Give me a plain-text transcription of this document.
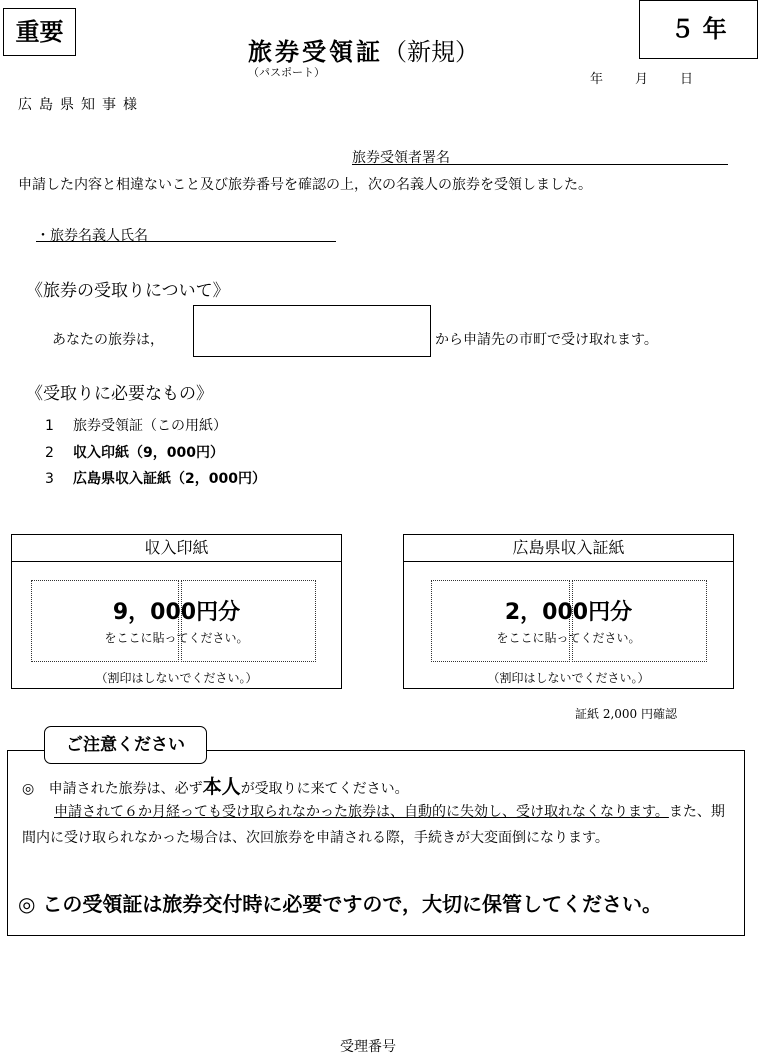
重要	５ 年
旅券受領証（新規）
（パスポート）	年 月 日
広島県知事様
旅券受領者署名
申請した内容と相違ないこと及び旅券番号を確認の上，次の名義人の旅券を受領しました。
・旅券名義人氏名
《旅券の受取りについて》
あなたの旅券は，	から申請先の市町で受け取れます。
《受取りに必要なもの》
1 旅券受領証（この用紙）
2 収入印紙（9，000円）
3 広島県収入証紙（2，000円）
収入印紙
9，000円分
をここに貼ってください。
（割印はしないでください。）
広島県収入証紙
2，000円分
をここに貼ってください。
（割印はしないでください。）
証紙 2,000 円確認
ご注意ください
◎ 申請された旅券は、必ず本人が受取りに来てください。
申請されて６か月経っても受け取られなかった旅券は、自動的に失効し、受け取れなくなります。また、期間内に受け取られなかった場合は、次回旅券を申請される際，手続きが大変面倒になります。
◎ この受領証は旅券交付時に必要ですので，大切に保管してください。
受理番号
